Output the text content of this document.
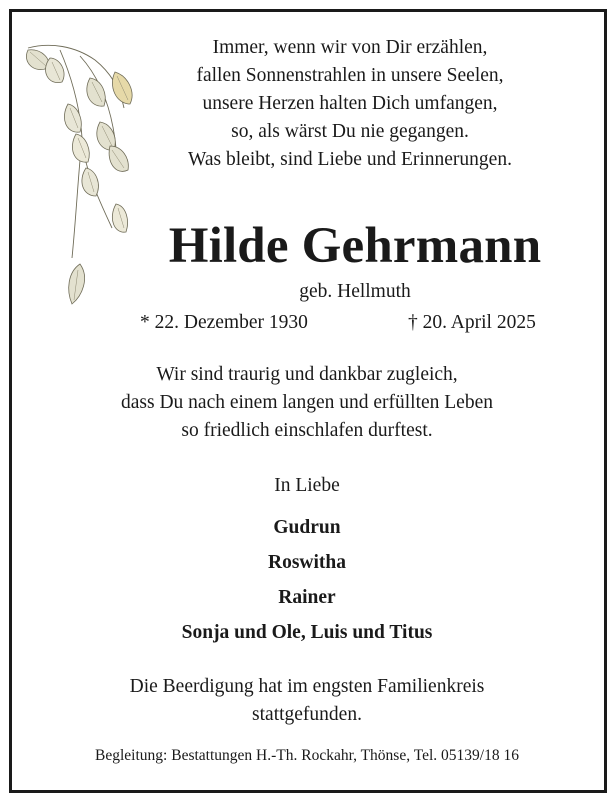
Immer, wenn wir von Dir erzählen,
fallen Sonnenstrahlen in unsere Seelen,
unsere Herzen halten Dich umfangen,
so, als wärst Du nie gegangen.
Was bleibt, sind Liebe und Erinnerungen.
Hilde Gehrmann
geb. Hellmuth
* 22. Dezember 1930	† 20. April 2025
Wir sind traurig und dankbar zugleich,
dass Du nach einem langen und erfüllten Leben
so friedlich einschlafen durftest.
In Liebe
Gudrun
Roswitha
Rainer
Sonja und Ole, Luis und Titus
Die Beerdigung hat im engsten Familienkreis
stattgefunden.
Begleitung: Bestattungen H.-Th. Rockahr, Thönse, Tel. 05139/18 16
